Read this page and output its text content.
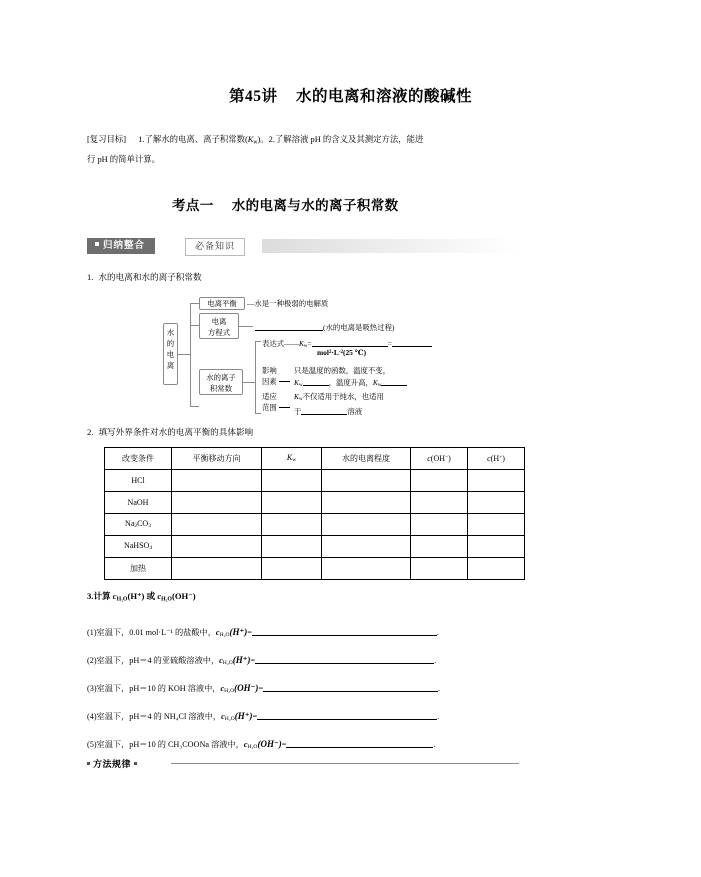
第45讲 水的电离和溶液的酸碱性
[复习目标] 1.了解水的电离、离子积常数$(K_w)$。2.了解溶液 pH 的含义及其测定方法，能进
行 pH 的简单计算。
考点一 水的电离与水的离子积常数
归纳整合	必备知识
1. 水的电离和水的离子积常数
水的电离
电离平衡	—水是一种极弱的电解质
电离
方程式
(水的电离是吸热过程)
水的离子
积常数
表达式$——K_w=$	=
$mol^2\cdot L^{-2}(25$ ℃)
影响
因素
只是温度的函数，温度不变，
$K_w$	，温度升高，$K_w$
适应
范围
$K_w$不仅适用于纯水，也适用
于	溶液
2. 填写外界条件对水的电离平衡的具体影响
改变条件	平衡移动方向	$K_w$	水的电离程度	c(OH−)	c(H+)
HCl					
NaOH					
$Na_2CO_3$					
NaHSO$_4$					
加热					
3.计算 $c_{H_2O}(H^+)$ 或 $c_{H_2O}(OH^-)$
(1)室温下，0.01 mol·L⁻¹ 的盐酸中，$c_{H_2O}(H^+)=$	.
(2)室温下，pH＝4 的亚硫酸溶液中，$c_{H_2O}(H^+)=$	.
(3)室温下，pH＝10 的 KOH 溶液中，$c_{H_2O}(OH^-)=$	.
(4)室温下，pH＝4 的 NH₄Cl 溶液中，$c_{H_2O}(H^+)=$	.
(5)室温下，pH＝10 的 CH₃COONa 溶液中，$c_{H_2O}(OH^-)=$	.
方法规律
